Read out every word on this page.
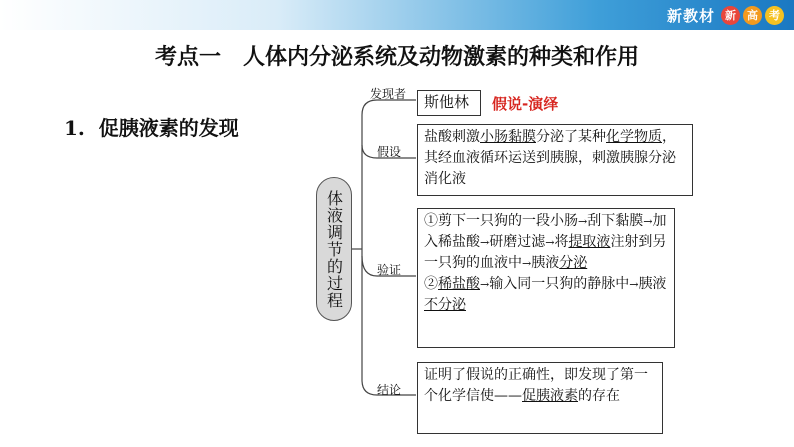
新教材 新	高	考
考点一　人体内分泌系统及动物激素的种类和作用
1.  促胰液素的发现
体液调节的过程
发现者	斯他林	假说-演绎
假设
盐酸刺激小肠黏膜分泌了某种化学物质，其经血液循环运送到胰腺，刺激胰腺分泌消化液
验证
①剪下一只狗的一段小肠→刮下黏膜→加入稀盐酸→研磨过滤→将提取液注射到另一只狗的血液中→胰液分泌
②稀盐酸→输入同一只狗的静脉中→胰液不分泌
结论
证明了假说的正确性，即发现了第一个化学信使——促胰液素的存在
